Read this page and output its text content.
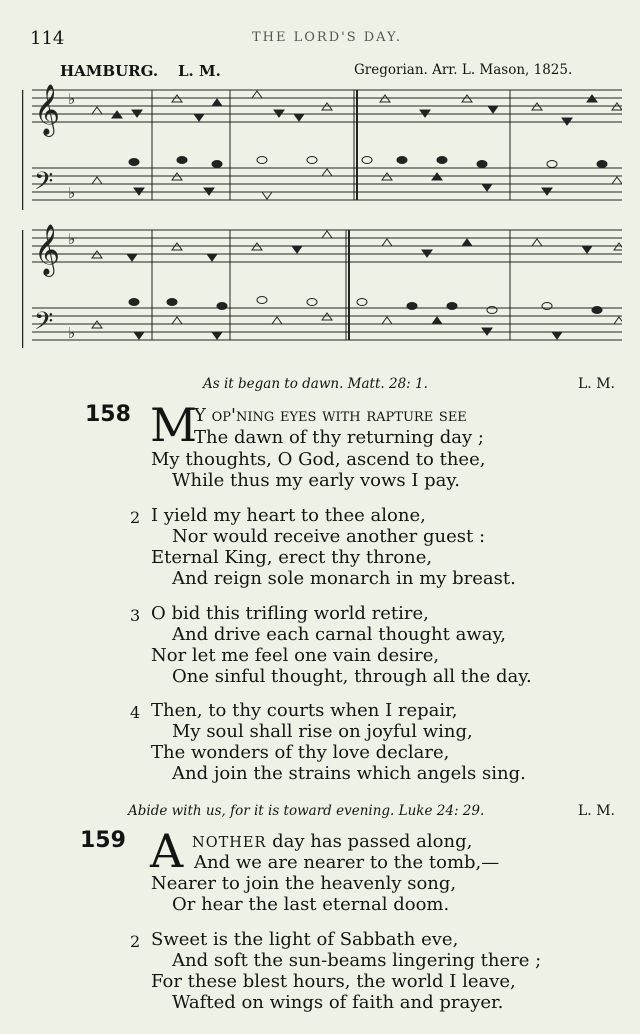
114	THE LORD'S DAY.
HAMBURG. L. M.	Gregorian. Arr. L. Mason, 1825.
𝄞
𝄢
𝄞
𝄢
♭
♭
♭
♭
As it began to dawn. Matt. 28: 1.	L. M.
158 M
Y op'ning eyes with rapture see
The dawn of thy returning day ;
My thoughts, O God, ascend to thee,
While thus my early vows I pay.
2 I yield my heart to thee alone,
Nor would receive another guest :
Eternal King, erect thy throne,
And reign sole monarch in my breast.
3 O bid this trifling world retire,
And drive each carnal thought away,
Nor let me feel one vain desire,
One sinful thought, through all the day.
4 Then, to thy courts when I repair,
My soul shall rise on joyful wing,
The wonders of thy love declare,
And join the strains which angels sing.
Abide with us, for it is toward evening. Luke 24: 29.	L. M.
159 A NOTHER day has passed along,
And we are nearer to the tomb,—
Nearer to join the heavenly song,
Or hear the last eternal doom.
2 Sweet is the light of Sabbath eve,
And soft the sun-beams lingering there ;
For these blest hours, the world I leave,
Wafted on wings of faith and prayer.
